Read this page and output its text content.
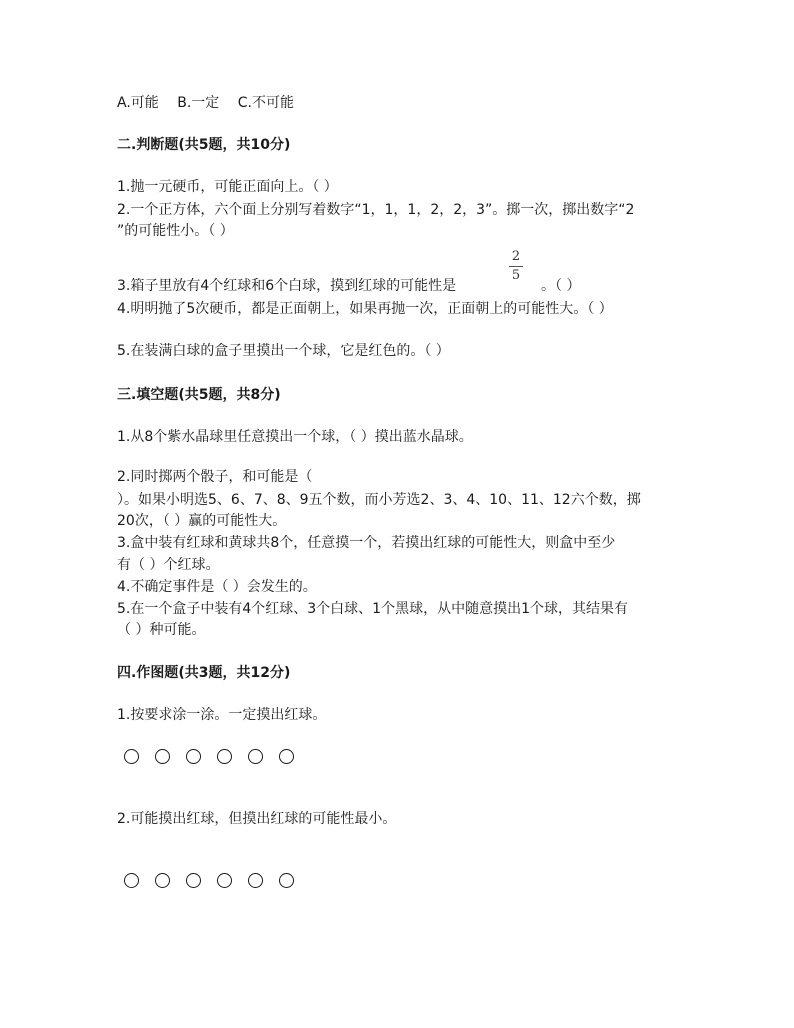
A.可能　 B.一定　 C.不可能
二.判断题(共5题，共10分)
1.抛一元硬币，可能正面向上。（ ）
2.一个正方体，六个面上分别写着数字“1，1，1，2，2，3”。掷一次，掷出数字“2
”的可能性小。（ ）
2
5
3.箱子里放有4个红球和6个白球，摸到红球的可能性是	。（ ）
4.明明抛了5次硬币，都是正面朝上，如果再抛一次，正面朝上的可能性大。（ ）
5.在装满白球的盒子里摸出一个球，它是红色的。（ ）
三.填空题(共5题，共8分)
1.从8个紫水晶球里任意摸出一个球，（ ）摸出蓝水晶球。
2.同时掷两个骰子，和可能是（
）。如果小明选5、6、7、8、9五个数，而小芳选2、3、4、10、11、12六个数，掷
20次，（ ）赢的可能性大。
3.盒中装有红球和黄球共8个，任意摸一个，若摸出红球的可能性大，则盒中至少
有（ ）个红球。
4.不确定事件是（ ）会发生的。
5.在一个盒子中装有4个红球、3个白球、1个黑球，从中随意摸出1个球，其结果有
（ ）种可能。
四.作图题(共3题，共12分)
1.按要求涂一涂。一定摸出红球。
2.可能摸出红球，但摸出红球的可能性最小。
